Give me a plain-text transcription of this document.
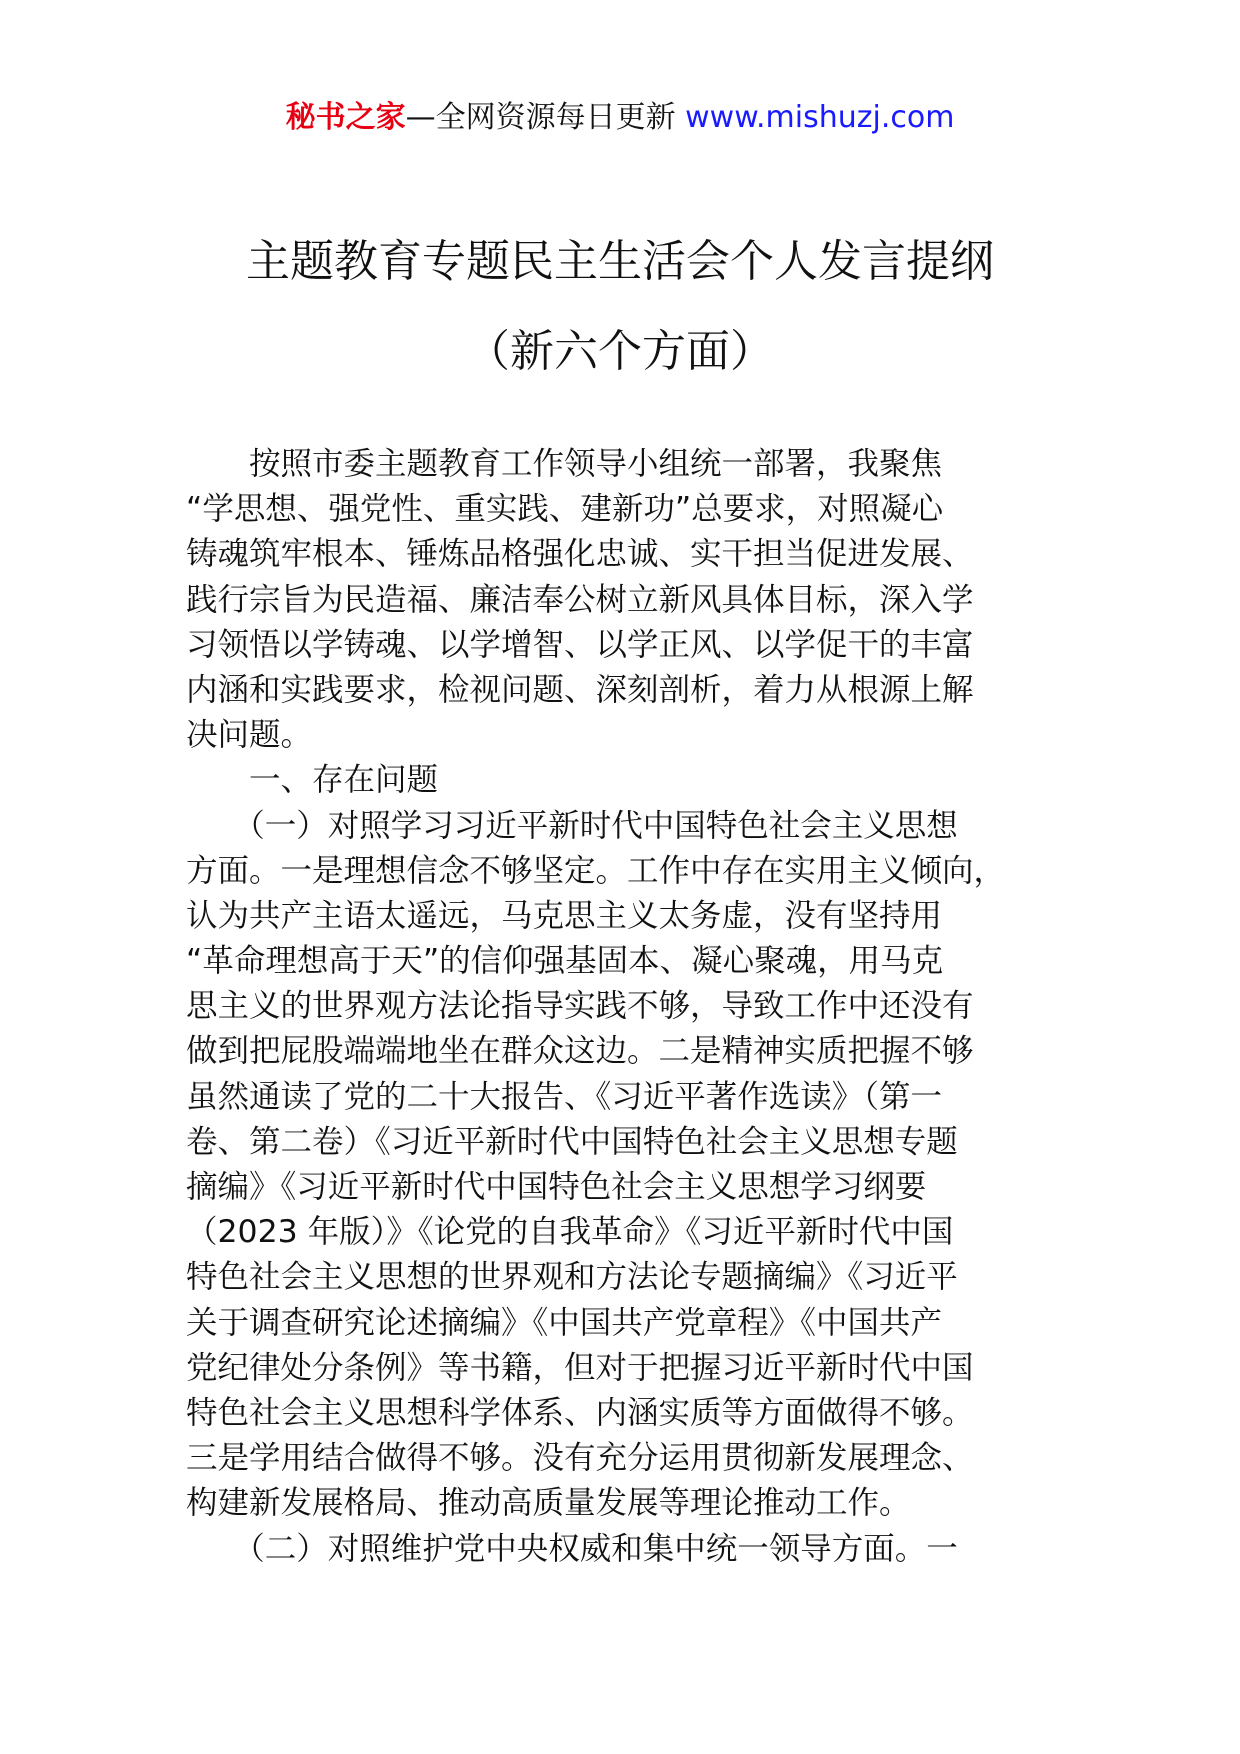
秘书之家—全网资源每日更新 www.mishuzj.com
主题教育专题民主生活会个人发言提纲
（新六个方面）
　　按照市委主题教育工作领导小组统一部署，我聚焦
“学思想、强党性、重实践、建新功”总要求，对照凝心
铸魂筑牢根本、锤炼品格强化忠诚、实干担当促进发展、
践行宗旨为民造福、廉洁奉公树立新风具体目标，深入学
习领悟以学铸魂、以学增智、以学正风、以学促干的丰富
内涵和实践要求，检视问题、深刻剖析，着力从根源上解
决问题。
　　一、存在问题
　　（一）对照学习习近平新时代中国特色社会主义思想
方面。一是理想信念不够坚定。工作中存在实用主义倾向，
认为共产主语太遥远，马克思主义太务虚，没有坚持用
“革命理想高于天”的信仰强基固本、凝心聚魂，用马克
思主义的世界观方法论指导实践不够，导致工作中还没有
做到把屁股端端地坐在群众这边。二是精神实质把握不够
虽然通读了党的二十大报告、《习近平著作选读》（第一
卷、第二卷）《习近平新时代中国特色社会主义思想专题
摘编》《习近平新时代中国特色社会主义思想学习纲要
（2023 年版）》《论党的自我革命》《习近平新时代中国
特色社会主义思想的世界观和方法论专题摘编》《习近平
关于调查研究论述摘编》《中国共产党章程》《中国共产
党纪律处分条例》等书籍，但对于把握习近平新时代中国
特色社会主义思想科学体系、内涵实质等方面做得不够。
三是学用结合做得不够。没有充分运用贯彻新发展理念、
构建新发展格局、推动高质量发展等理论推动工作。
　　（二）对照维护党中央权威和集中统一领导方面。一
